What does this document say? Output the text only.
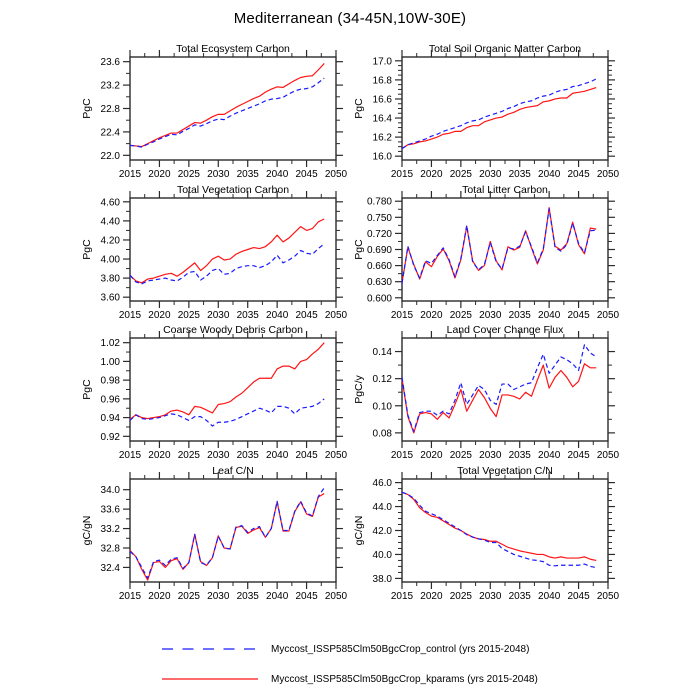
Mediterranean (34-45N,10W-30E)
Total Ecosystem Carbon
PgC
2015 2020 2025 2030 2035 2040 2045 2050
22.0
22.4
22.8
23.2
23.6
Total Soil Organic Matter Carbon
PgC
2015 2020 2025 2030 2035 2040 2045 2050
16.0
16.2
16.4
16.6
16.8
17.0
Total Vegetation Carbon
PgC
2015 2020 2025 2030 2035 2040 2045 2050
3.60
3.80
4.00
4.20
4.40
4.60
Total Litter Carbon
PgC
2015 2020 2025 2030 2035 2040 2045 2050
0.600
0.630
0.660
0.690
0.720
0.750
0.780
Coarse Woody Debris Carbon
PgC
2015 2020 2025 2030 2035 2040 2045 2050
0.92
0.94
0.96
0.98
1.00
1.02
Land Cover Change Flux
PgC/y
2015 2020 2025 2030 2035 2040 2045 2050
0.08
0.10
0.12
0.14
Leaf C/N
gC/gN
2015 2020 2025 2030 2035 2040 2045 2050
32.4
32.8
33.2
33.6
34.0
Total Vegetation C/N
gC/gN
2015 2020 2025 2030 2035 2040 2045 2050
38.0
40.0
42.0
44.0
46.0
Myccost_ISSP585Clm50BgcCrop_control (yrs 2015-2048)
Myccost_ISSP585Clm50BgcCrop_kparams (yrs 2015-2048)
